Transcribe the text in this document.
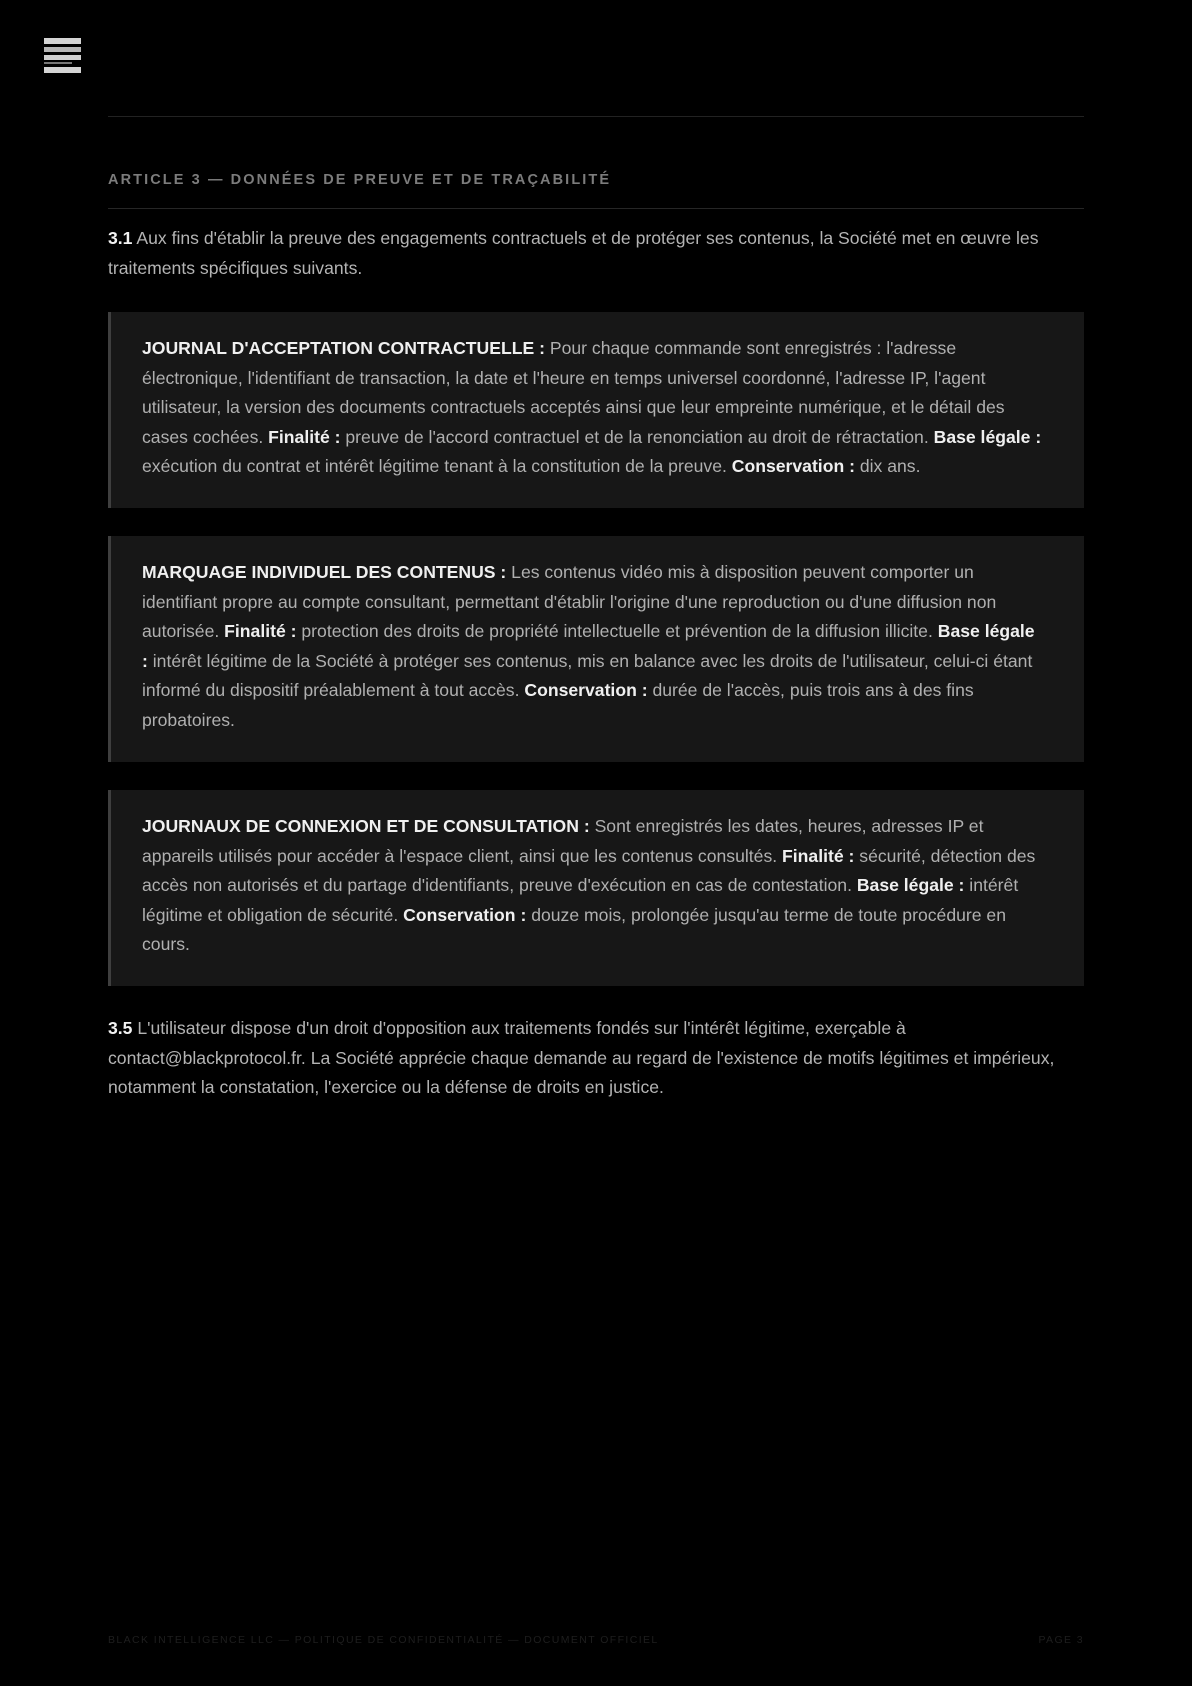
ARTICLE 3 — DONNÉES DE PREUVE ET DE TRAÇABILITÉ
3.1 Aux fins d'établir la preuve des engagements contractuels et de protéger ses contenus, la Société met en œuvre les traitements spécifiques suivants.
JOURNAL D'ACCEPTATION CONTRACTUELLE : Pour chaque commande sont enregistrés : l'adresse électronique, l'identifiant de transaction, la date et l'heure en temps universel coordonné, l'adresse IP, l'agent utilisateur, la version des documents contractuels acceptés ainsi que leur empreinte numérique, et le détail des cases cochées. Finalité : preuve de l'accord contractuel et de la renonciation au droit de rétractation. Base légale : exécution du contrat et intérêt légitime tenant à la constitution de la preuve. Conservation : dix ans.
MARQUAGE INDIVIDUEL DES CONTENUS : Les contenus vidéo mis à disposition peuvent comporter un identifiant propre au compte consultant, permettant d'établir l'origine d'une reproduction ou d'une diffusion non autorisée. Finalité : protection des droits de propriété intellectuelle et prévention de la diffusion illicite. Base légale : intérêt légitime de la Société à protéger ses contenus, mis en balance avec les droits de l'utilisateur, celui-ci étant informé du dispositif préalablement à tout accès. Conservation : durée de l'accès, puis trois ans à des fins probatoires.
JOURNAUX DE CONNEXION ET DE CONSULTATION : Sont enregistrés les dates, heures, adresses IP et appareils utilisés pour accéder à l'espace client, ainsi que les contenus consultés. Finalité : sécurité, détection des accès non autorisés et du partage d'identifiants, preuve d'exécution en cas de contestation. Base légale : intérêt légitime et obligation de sécurité. Conservation : douze mois, prolongée jusqu'au terme de toute procédure en cours.
3.5 L'utilisateur dispose d'un droit d'opposition aux traitements fondés sur l'intérêt légitime, exerçable à contact@blackprotocol.fr. La Société apprécie chaque demande au regard de l'existence de motifs légitimes et impérieux, notamment la constatation, l'exercice ou la défense de droits en justice.
BLACK INTELLIGENCE LLC — POLITIQUE DE CONFIDENTIALITÉ — DOCUMENT OFFICIEL	PAGE 3
